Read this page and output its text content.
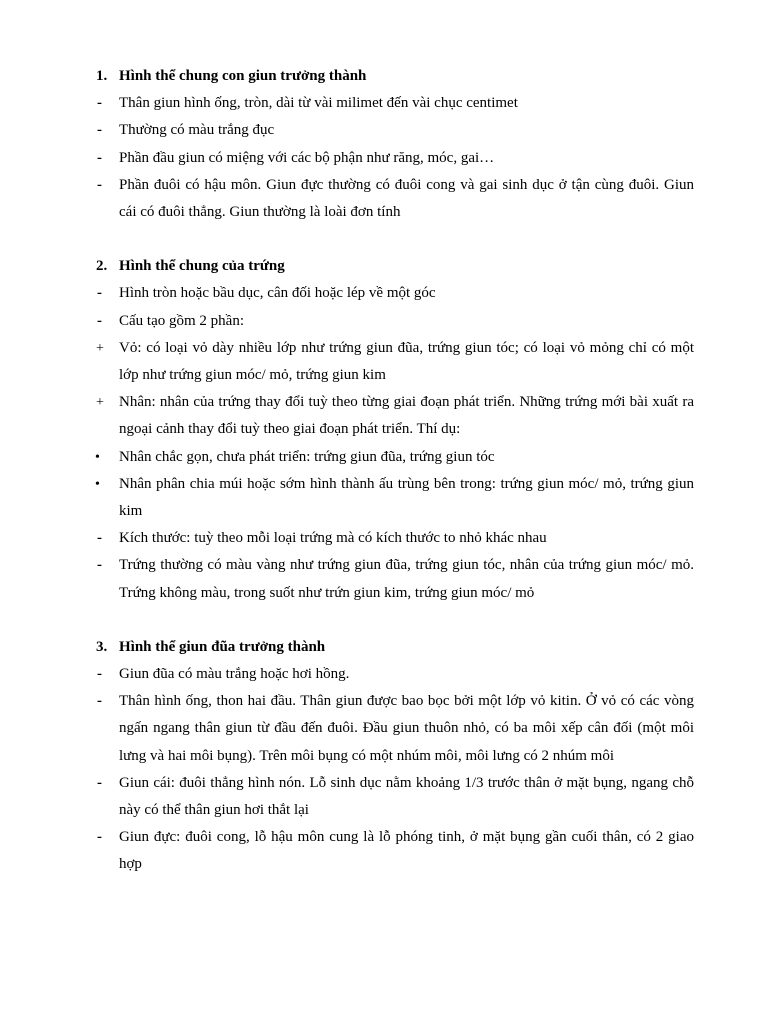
1. Hình thể chung con giun trưởng thành
-	Thân giun hình ống, tròn, dài từ vài milimet đến vài chục centimet
-	Thường có màu trắng đục
-	Phần đầu giun có miệng với các bộ phận như răng, móc, gai…
-	Phần đuôi có hậu môn. Giun đực thường có đuôi cong và gai sinh dục ở tận cùng đuôi. Giun cái có đuôi thẳng. Giun thường là loài đơn tính
2. Hình thể chung của trứng
-	Hình tròn hoặc bầu dục, cân đối hoặc lép về một góc
-	Cấu tạo gồm 2 phần:
+	Vỏ: có loại vỏ dày nhiều lớp như trứng giun đũa, trứng giun tóc; có loại vỏ mỏng chỉ có một lớp như trứng giun móc/ mỏ, trứng giun kim
+	Nhân: nhân của trứng thay đổi tuỳ theo từng giai đoạn phát triển. Những trứng mới bài xuất ra ngoại cảnh thay đổi tuỳ theo giai đoạn phát triển. Thí dụ:
•	Nhân chắc gọn, chưa phát triển: trứng giun đũa, trứng giun tóc
•	Nhân phân chia múi hoặc sớm hình thành ấu trùng bên trong: trứng giun móc/ mỏ, trứng giun kim
-	Kích thước: tuỳ theo mỗi loại trứng mà có kích thước to nhỏ khác nhau
-	Trứng thường có màu vàng như trứng giun đũa, trứng giun tóc, nhân của trứng giun móc/ mỏ. Trứng không màu, trong suốt như trứn giun kim, trứng giun móc/ mỏ
3. Hình thể giun đũa trưởng thành
-	Giun đũa có màu trắng hoặc hơi hồng.
-	Thân hình ống, thon hai đầu. Thân giun được bao bọc bởi một lớp vỏ kitin. Ở vỏ có các vòng ngấn ngang thân giun từ đầu đến đuôi. Đầu giun thuôn nhỏ, có ba môi xếp cân đối (một môi lưng và hai môi bụng). Trên môi bụng có một nhúm môi, môi lưng có 2 nhúm môi
-	Giun cái: đuôi thẳng hình nón. Lỗ sinh dục nằm khoảng 1/3 trước thân ở mặt bụng, ngang chỗ này có thể thân giun hơi thắt lại
-	Giun đực: đuôi cong, lỗ hậu môn cung là lỗ phóng tinh, ở mặt bụng gần cuối thân, có 2 giao hợp
